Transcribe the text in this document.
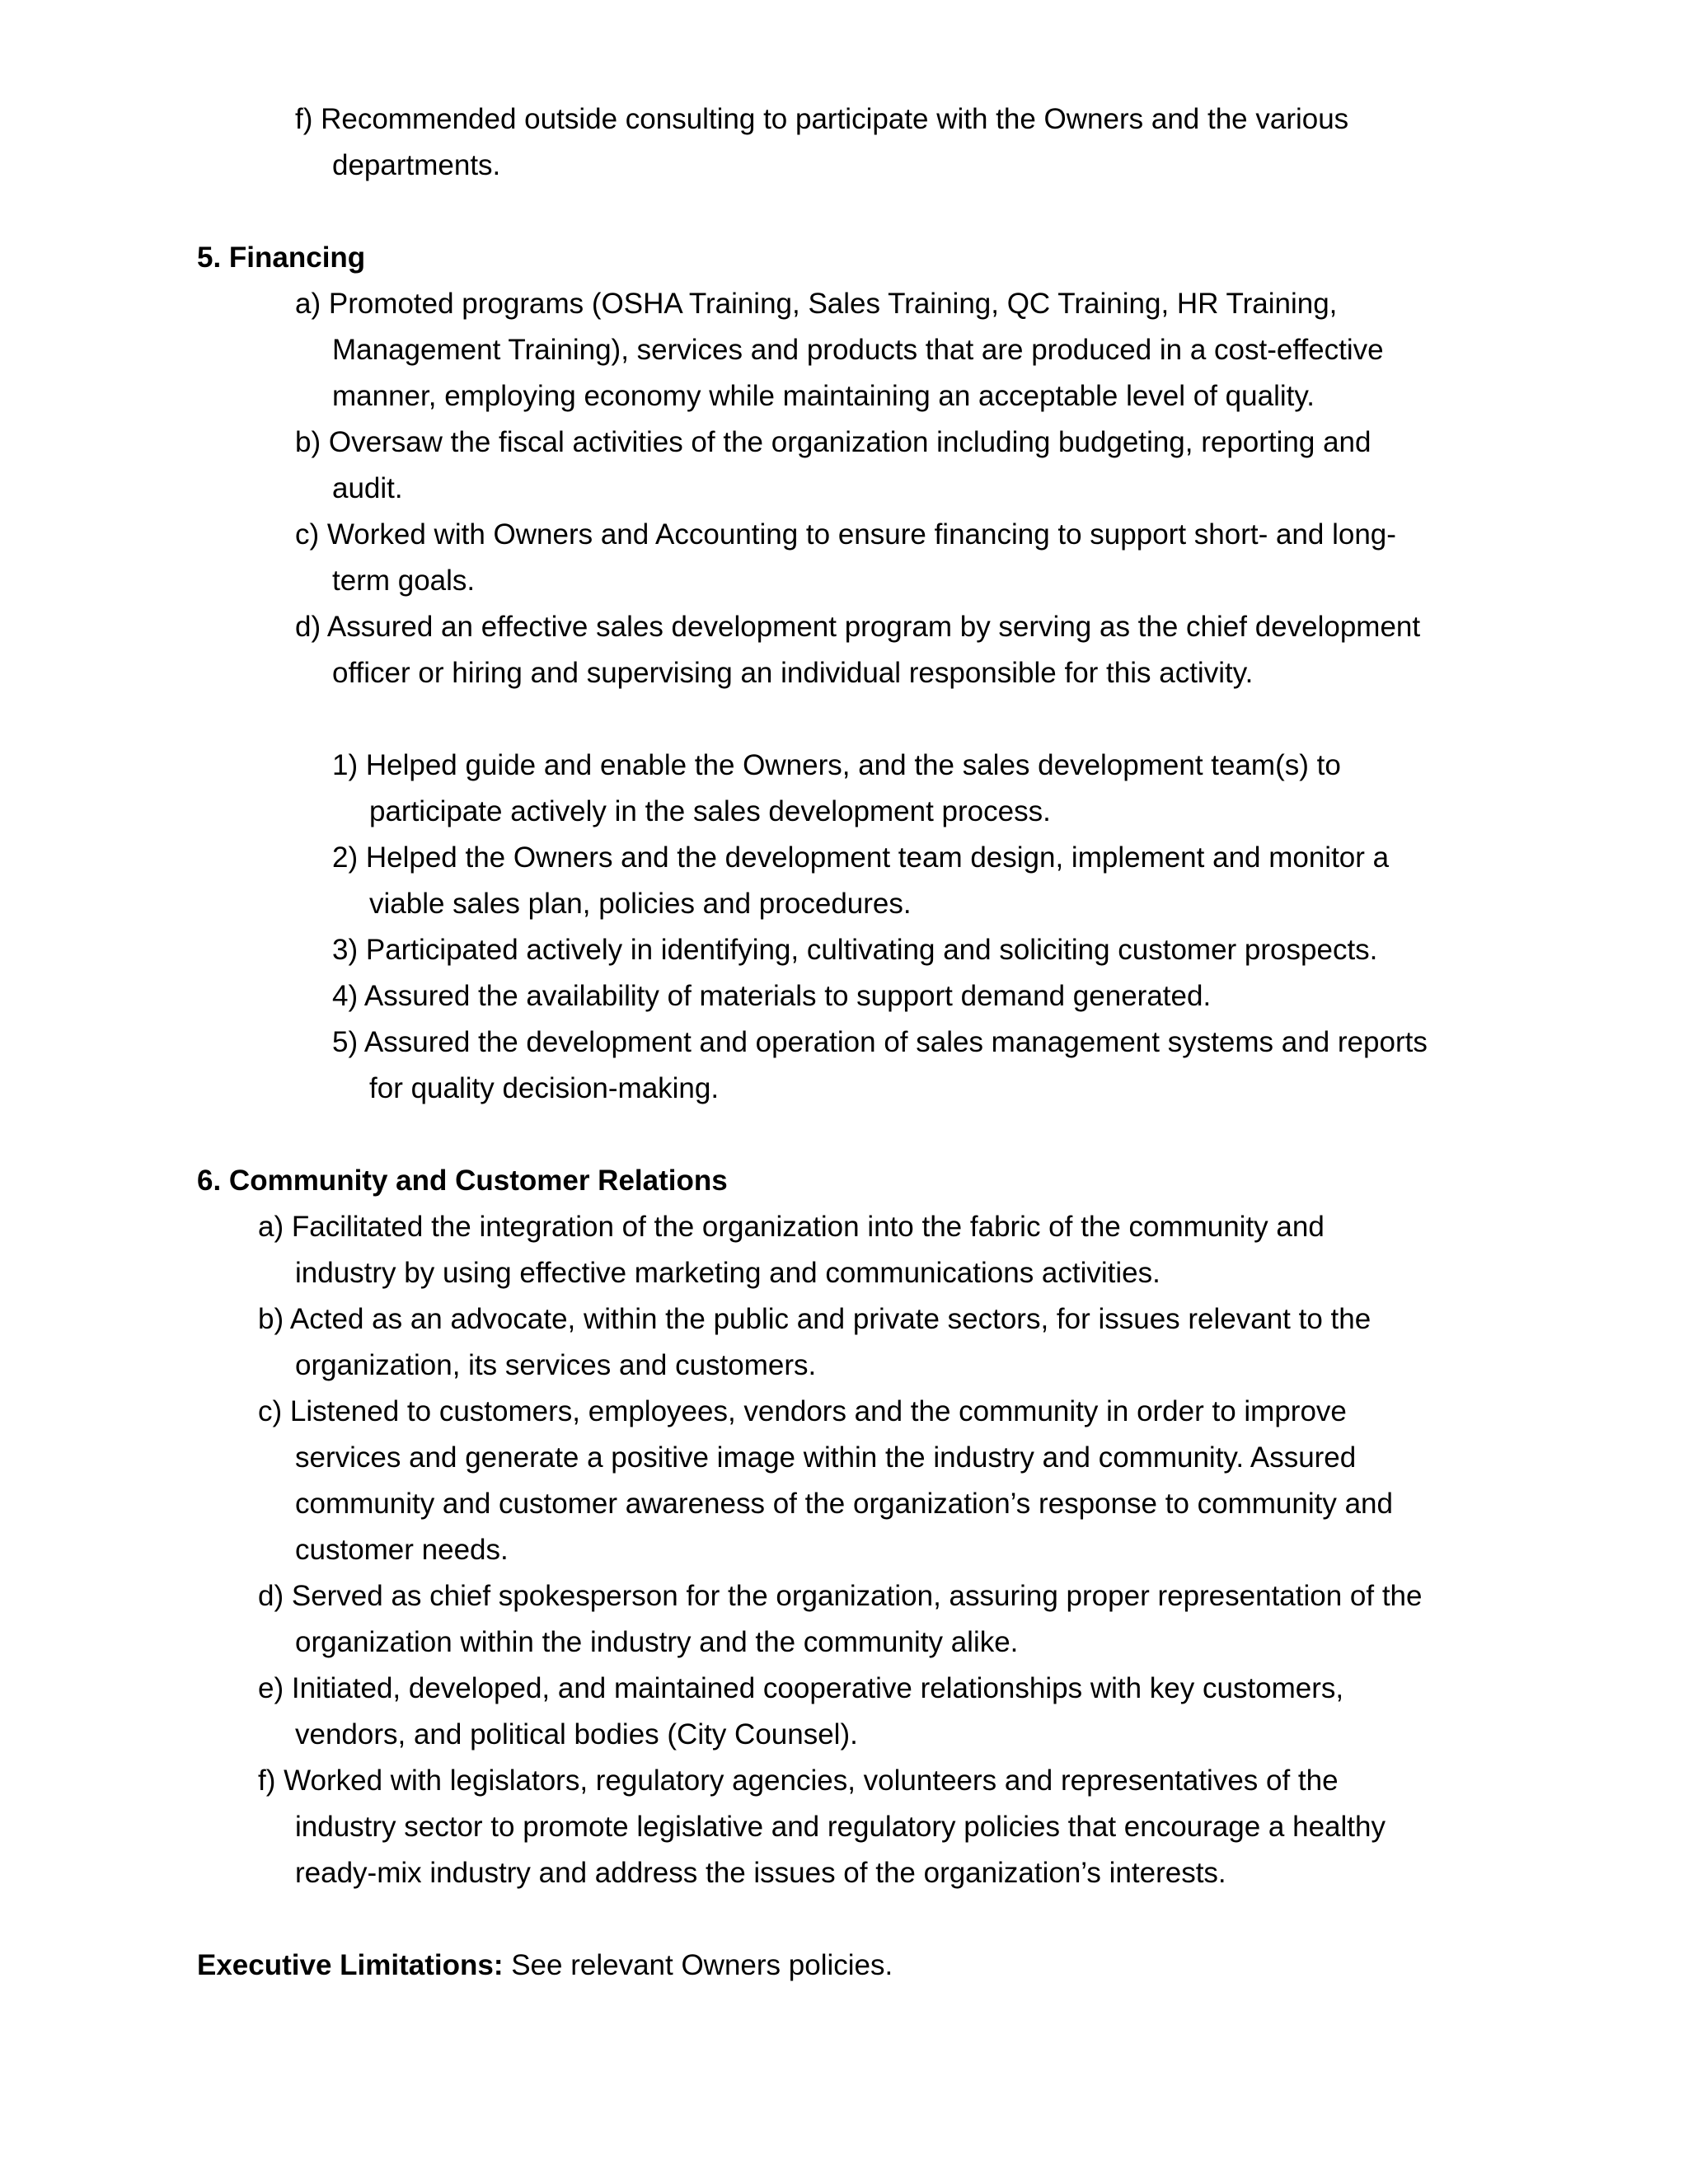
f) Recommended outside consulting to participate with the Owners and the various
departments.
5. Financing
a) Promoted programs (OSHA Training, Sales Training, QC Training, HR Training,
Management Training), services and products that are produced in a cost-effective
manner, employing economy while maintaining an acceptable level of quality.
b) Oversaw the fiscal activities of the organization including budgeting, reporting and
audit.
c) Worked with Owners and Accounting to ensure financing to support short- and long-
term goals.
d) Assured an effective sales development program by serving as the chief development
officer or hiring and supervising an individual responsible for this activity.
1) Helped guide and enable the Owners, and the sales development team(s) to
participate actively in the sales development process.
2) Helped the Owners and the development team design, implement and monitor a
viable sales plan, policies and procedures.
3) Participated actively in identifying, cultivating and soliciting customer prospects.
4) Assured the availability of materials to support demand generated.
5) Assured the development and operation of sales management systems and reports
for quality decision-making.
6. Community and Customer Relations
a) Facilitated the integration of the organization into the fabric of the community and
industry by using effective marketing and communications activities.
b) Acted as an advocate, within the public and private sectors, for issues relevant to the
organization, its services and customers.
c) Listened to customers, employees, vendors and the community in order to improve
services and generate a positive image within the industry and community. Assured
community and customer awareness of the organization’s response to community and
customer needs.
d) Served as chief spokesperson for the organization, assuring proper representation of the
organization within the industry and the community alike.
e) Initiated, developed, and maintained cooperative relationships with key customers,
vendors, and political bodies (City Counsel).
f) Worked with legislators, regulatory agencies, volunteers and representatives of the
industry sector to promote legislative and regulatory policies that encourage a healthy
ready-mix industry and address the issues of the organization’s interests.
Executive Limitations: See relevant Owners policies.
